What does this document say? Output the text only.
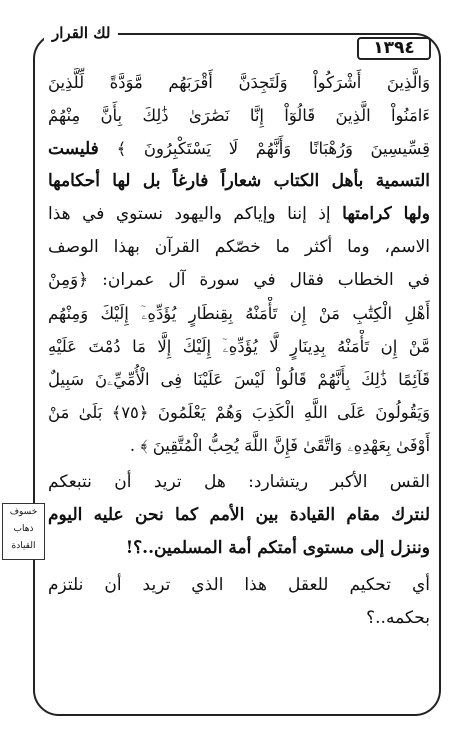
لك القرار
١٣٩٤
وَالَّذِينَ أَشْرَكُواْ وَلَتَجِدَنَّ أَقْرَبَهُم مَّوَدَّةً لِّلَّذِينَ
ءَامَنُواْ الَّذِينَ قَالُوٓاْ إِنَّا نَصَٰرَىٰ ذَٰلِكَ بِأَنَّ مِنْهُمْ
قِسِّيسِينَ وَرُهْبَانًا وَأَنَّهُمْ لَا يَسْتَكْبِرُونَ ﴾ فليست
التسمية بأهل الكتاب شعاراً فارغاً بل لها أحكامها
ولها كرامتها إذ إننا وإياكم واليهود نستوي في هذا
الاسم، وما أكثر ما خصّكم القرآن بهذا الوصف
في الخطاب فقال في سورة آل عمران: ﴿وَمِنْ
أَهْلِ الْكِتَٰبِ مَنْ إِن تَأْمَنْهُ بِقِنطَارٍ يُؤَدِّهِۦٓ إِلَيْكَ وَمِنْهُم
مَّنْ إِن تَأْمَنْهُ بِدِينَارٍ لَّا يُؤَدِّهِۦٓ إِلَيْكَ إِلَّا مَا دُمْتَ عَلَيْهِ
قَآئِمًا ذَٰلِكَ بِأَنَّهُمْ قَالُواْ لَيْسَ عَلَيْنَا فِى الْأُمِّيِّۦنَ سَبِيلٌ
وَيَقُولُونَ عَلَى اللَّهِ الْكَذِبَ وَهُمْ يَعْلَمُونَ ﴿٧٥﴾ بَلَىٰ مَنْ
أَوْفَىٰ بِعَهْدِهِۦ وَاتَّقَىٰ فَإِنَّ اللَّهَ يُحِبُّ الْمُتَّقِينَ ﴾ .
القس الأكبر ريتشارد: هل تريد أن نتبعكم
لنترك مقام القيادة بين الأمم كما نحن عليه اليوم
وننزل إلى مستوى أمتكم أمة المسلمين..؟!
أي تحكيم للعقل هذا الذي تريد أن نلتزم
بحكمه..؟
خسوف
ذهاب
القيادة
